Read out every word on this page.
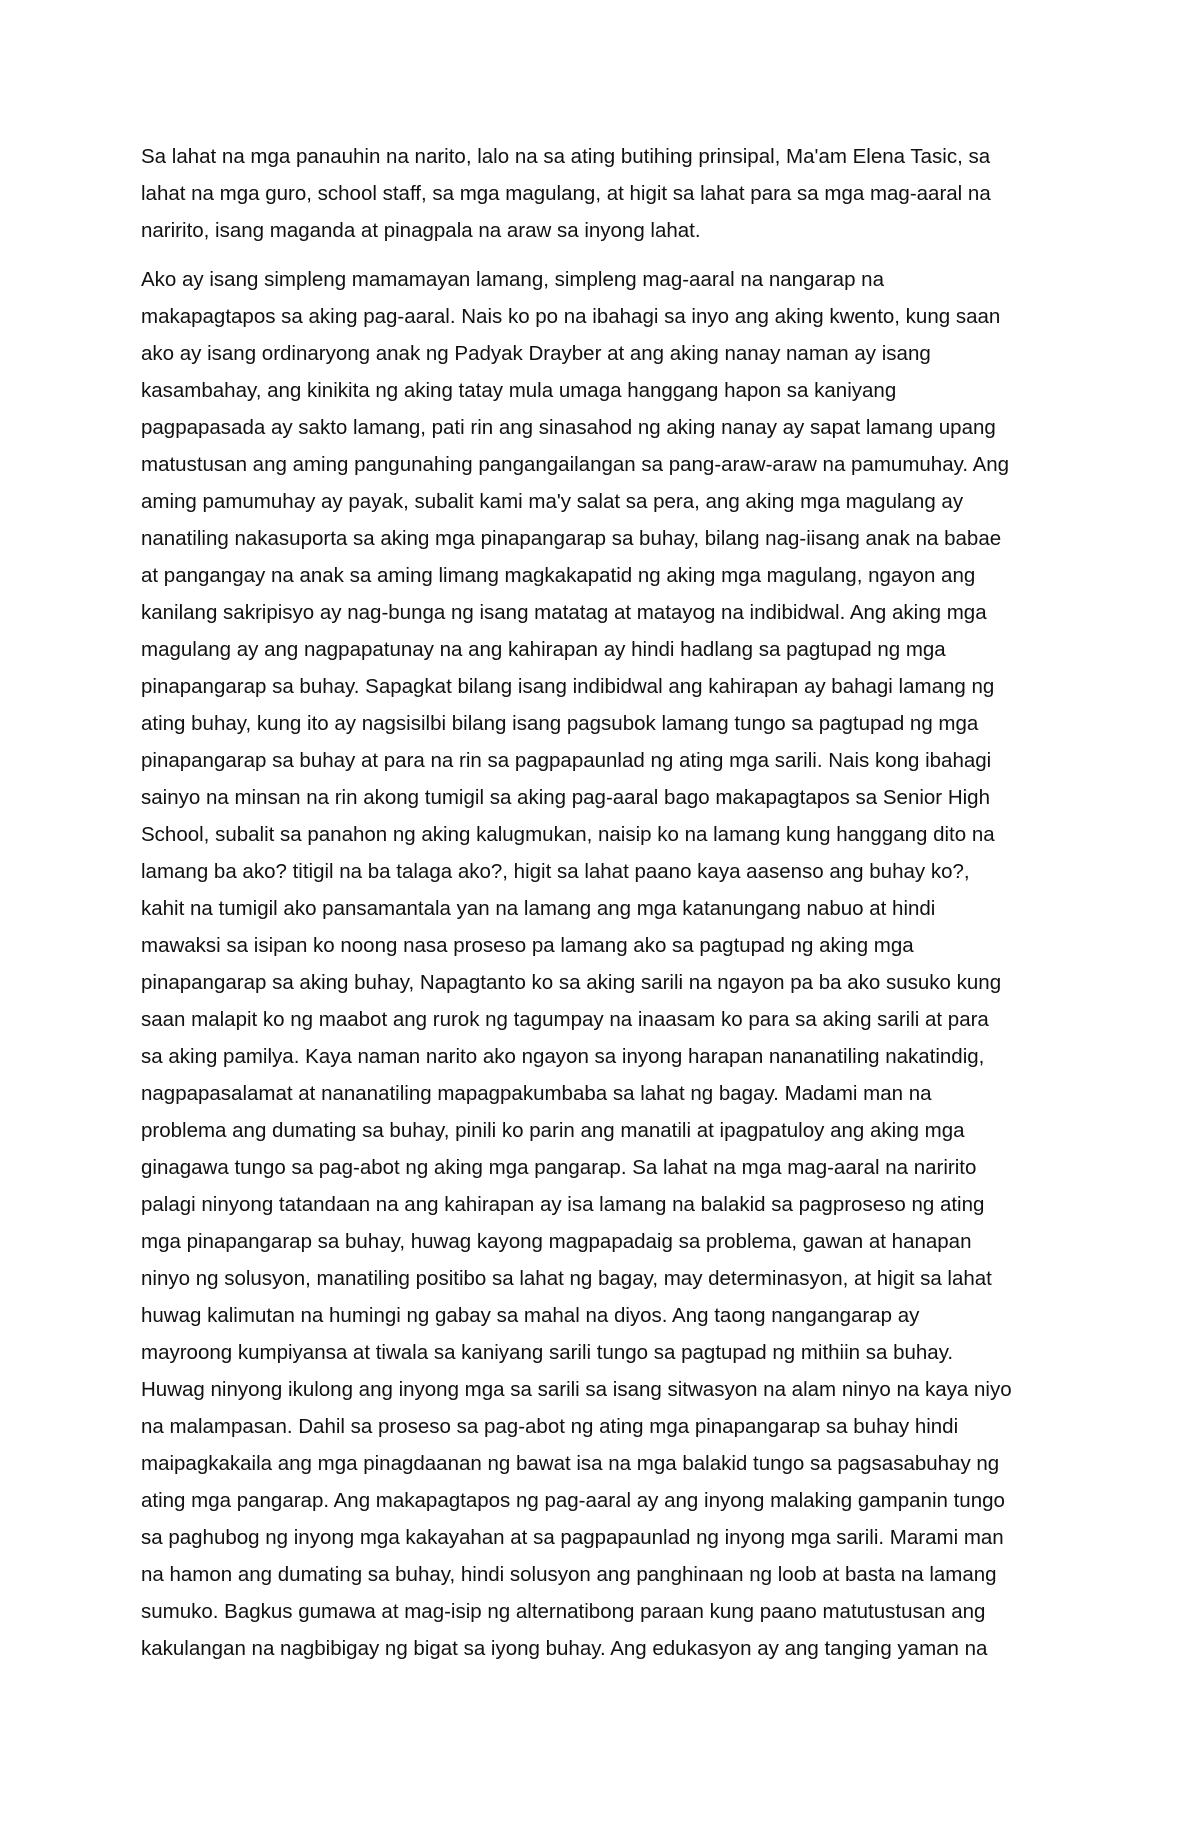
Sa lahat na mga panauhin na narito, lalo na sa ating butihing prinsipal, Ma'am Elena Tasic, sa
lahat na mga guro, school staff, sa mga magulang, at higit sa lahat para sa mga mag-aaral na
naririto, isang maganda at pinagpala na araw sa inyong lahat.
Ako ay isang simpleng mamamayan lamang, simpleng mag-aaral na nangarap na
makapagtapos sa aking pag-aaral. Nais ko po na ibahagi sa inyo ang aking kwento, kung saan
ako ay isang ordinaryong anak ng Padyak Drayber at ang aking nanay naman ay isang
kasambahay, ang kinikita ng aking tatay mula umaga hanggang hapon sa kaniyang
pagpapasada ay sakto lamang, pati rin ang sinasahod ng aking nanay ay sapat lamang upang
matustusan ang aming pangunahing pangangailangan sa pang-araw-araw na pamumuhay. Ang
aming pamumuhay ay payak, subalit kami ma'y salat sa pera, ang aking mga magulang ay
nanatiling nakasuporta sa aking mga pinapangarap sa buhay, bilang nag-iisang anak na babae
at pangangay na anak sa aming limang magkakapatid ng aking mga magulang, ngayon ang
kanilang sakripisyo ay nag-bunga ng isang matatag at matayog na indibidwal. Ang aking mga
magulang ay ang nagpapatunay na ang kahirapan ay hindi hadlang sa pagtupad ng mga
pinapangarap sa buhay. Sapagkat bilang isang indibidwal ang kahirapan ay bahagi lamang ng
ating buhay, kung ito ay nagsisilbi bilang isang pagsubok lamang tungo sa pagtupad ng mga
pinapangarap sa buhay at para na rin sa pagpapaunlad ng ating mga sarili. Nais kong ibahagi
sainyo na minsan na rin akong tumigil sa aking pag-aaral bago makapagtapos sa Senior High
School, subalit sa panahon ng aking kalugmukan, naisip ko na lamang kung hanggang dito na
lamang ba ako? titigil na ba talaga ako?, higit sa lahat paano kaya aasenso ang buhay ko?,
kahit na tumigil ako pansamantala yan na lamang ang mga katanungang nabuo at hindi
mawaksi sa isipan ko noong nasa proseso pa lamang ako sa pagtupad ng aking mga
pinapangarap sa aking buhay, Napagtanto ko sa aking sarili na ngayon pa ba ako susuko kung
saan malapit ko ng maabot ang rurok ng tagumpay na inaasam ko para sa aking sarili at para
sa aking pamilya. Kaya naman narito ako ngayon sa inyong harapan nananatiling nakatindig,
nagpapasalamat at nananatiling mapagpakumbaba sa lahat ng bagay. Madami man na
problema ang dumating sa buhay, pinili ko parin ang manatili at ipagpatuloy ang aking mga
ginagawa tungo sa pag-abot ng aking mga pangarap. Sa lahat na mga mag-aaral na naririto
palagi ninyong tatandaan na ang kahirapan ay isa lamang na balakid sa pagproseso ng ating
mga pinapangarap sa buhay, huwag kayong magpapadaig sa problema, gawan at hanapan
ninyo ng solusyon, manatiling positibo sa lahat ng bagay, may determinasyon, at higit sa lahat
huwag kalimutan na humingi ng gabay sa mahal na diyos. Ang taong nangangarap ay
mayroong kumpiyansa at tiwala sa kaniyang sarili tungo sa pagtupad ng mithiin sa buhay.
Huwag ninyong ikulong ang inyong mga sa sarili sa isang sitwasyon na alam ninyo na kaya niyo
na malampasan. Dahil sa proseso sa pag-abot ng ating mga pinapangarap sa buhay hindi
maipagkakaila ang mga pinagdaanan ng bawat isa na mga balakid tungo sa pagsasabuhay ng
ating mga pangarap. Ang makapagtapos ng pag-aaral ay ang inyong malaking gampanin tungo
sa paghubog ng inyong mga kakayahan at sa pagpapaunlad ng inyong mga sarili. Marami man
na hamon ang dumating sa buhay, hindi solusyon ang panghinaan ng loob at basta na lamang
sumuko. Bagkus gumawa at mag-isip ng alternatibong paraan kung paano matutustusan ang
kakulangan na nagbibigay ng bigat sa iyong buhay. Ang edukasyon ay ang tanging yaman na
